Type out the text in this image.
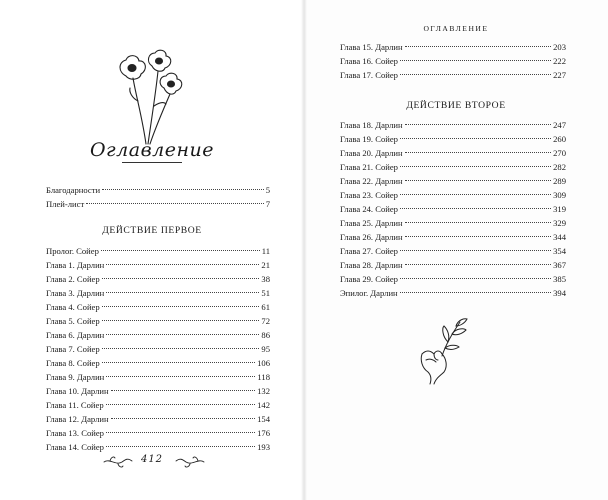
Оглавление
Благодарности	5
Плей-лист	7
ДЕЙСТВИЕ ПЕРВОЕ
Пролог. Сойер	11
Глава 1. Дарлин	21
Глава 2. Сойер	38
Глава 3. Дарлин	51
Глава 4. Сойер	61
Глава 5. Сойер	72
Глава 6. Дарлин	86
Глава 7. Сойер	95
Глава 8. Сойер	106
Глава 9. Дарлин	118
Глава 10. Дарлин	132
Глава 11. Сойер	142
Глава 12. Дарлин	154
Глава 13. Сойер	176
Глава 14. Сойер	193
412
ОГЛАВЛЕНИЕ
Глава 15. Дарлин	203
Глава 16. Сойер	222
Глава 17. Сойер	227
ДЕЙСТВИЕ ВТОРОЕ
Глава 18. Дарлин	247
Глава 19. Сойер	260
Глава 20. Дарлин	270
Глава 21. Сойер	282
Глава 22. Дарлин	289
Глава 23. Сойер	309
Глава 24. Сойер	319
Глава 25. Дарлин	329
Глава 26. Дарлин	344
Глава 27. Сойер	354
Глава 28. Дарлин	367
Глава 29. Сойер	385
Эпилог. Дарлин	394
